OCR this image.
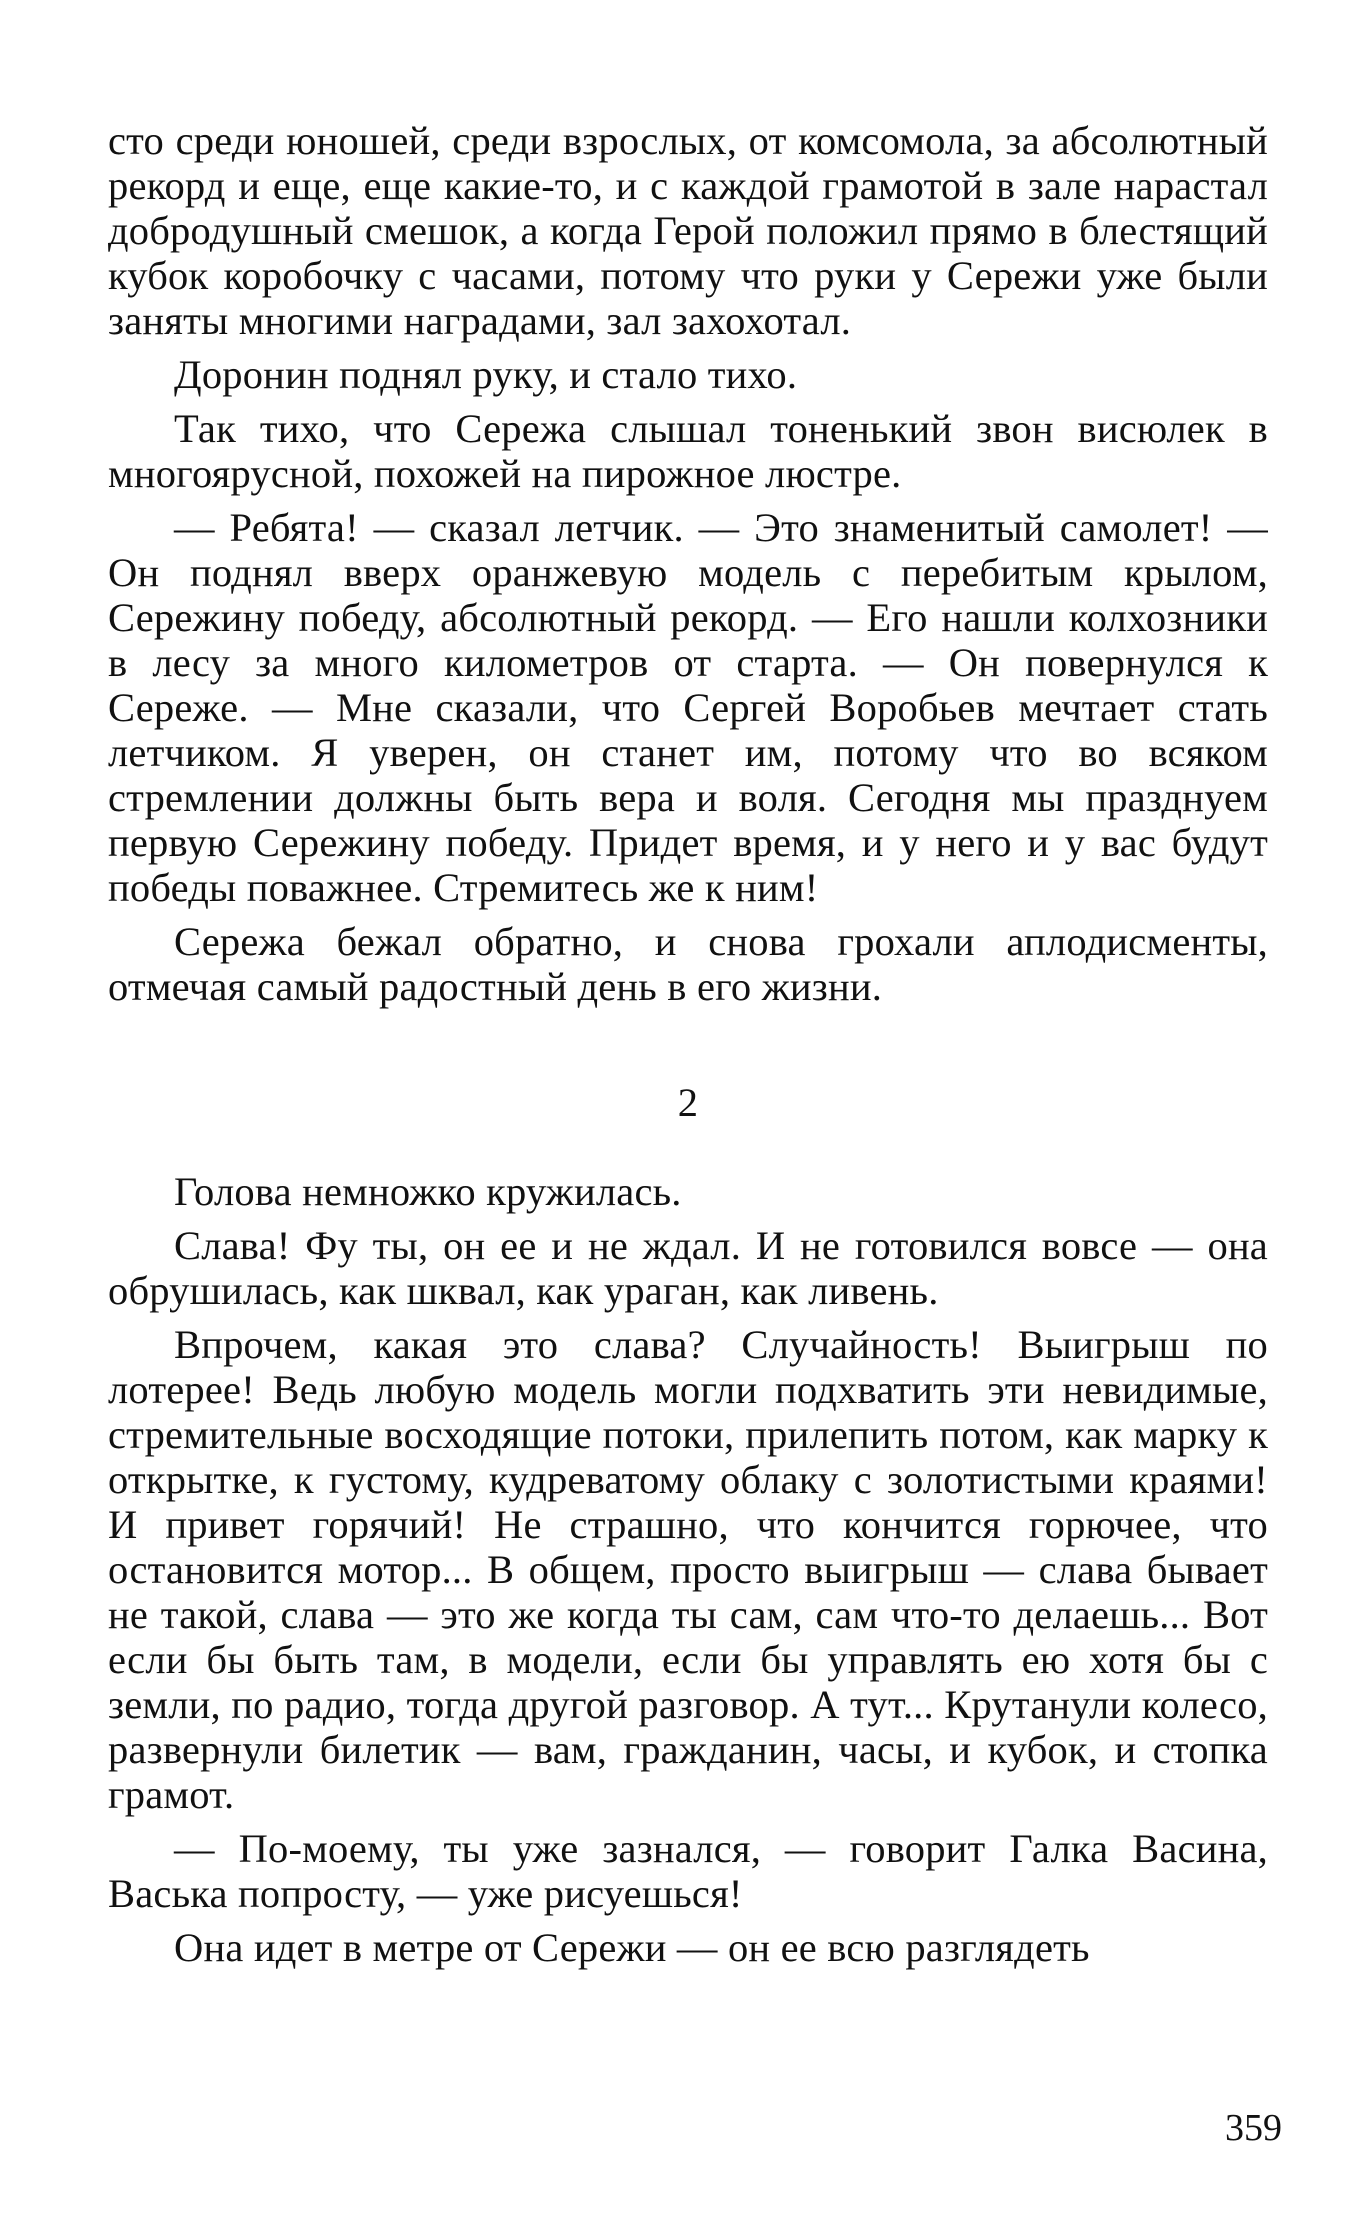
сто среди юношей, среди взрослых, от комсомола, за абсолютный рекорд и еще, еще какие-то, и с каждой грамотой в зале нарастал добродушный смешок, а когда Герой положил прямо в блестящий кубок коробочку с часами, потому что руки у Сережи уже были заняты многими наградами, зал захохотал.

Доронин поднял руку, и стало тихо.

Так тихо, что Сережа слышал тоненький звон висюлек в многоярусной, похожей на пирожное люстре.

— Ребята! — сказал летчик. — Это знаменитый самолет! — Он поднял вверх оранжевую модель с перебитым крылом, Сережину победу, абсолютный рекорд. — Его нашли колхозники в лесу за много километров от старта. — Он повернулся к Сереже. — Мне сказали, что Сергей Воробьев мечтает стать летчиком. Я уверен, он станет им, потому что во всяком стремлении должны быть вера и воля. Сегодня мы празднуем первую Сережину победу. Придет время, и у него и у вас будут победы поважнее. Стремитесь же к ним!

Сережа бежал обратно, и снова грохали аплодисменты, отмечая самый радостный день в его жизни.

2

Голова немножко кружилась.

Слава! Фу ты, он ее и не ждал. И не готовился вовсе — она обрушилась, как шквал, как ураган, как ливень.

Впрочем, какая это слава? Случайность! Выигрыш по лотерее! Ведь любую модель могли подхватить эти невидимые, стремительные восходящие потоки, прилепить потом, как марку к открытке, к густому, кудреватому облаку с золотистыми краями! И привет горячий! Не страшно, что кончится горючее, что остановится мотор... В общем, просто выигрыш — слава бывает не такой, слава — это же когда ты сам, сам что-то делаешь... Вот если бы быть там, в модели, если бы управлять ею хотя бы с земли, по радио, тогда другой разговор. А тут... Крутанули колесо, развернули билетик — вам, гражданин, часы, и кубок, и стопка грамот.

— По-моему, ты уже зазнался, — говорит Галка Васина, Васька попросту, — уже рисуешься!

Она идет в метре от Сережи — он ее всю разглядеть

359
